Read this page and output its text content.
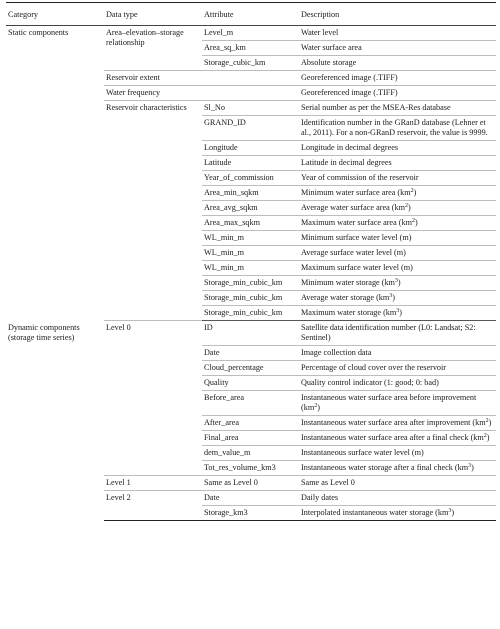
Category	Data type	Attribute	Description
Static components	Area–elevation–storage relationship	Level_m	Water level
		Area_sq_km	Water surface area
		Storage_cubic_km	Absolute storage
	Reservoir extent		Georeferenced image (.TIFF)
	Water frequency		Georeferenced image (.TIFF)
	Reservoir characteristics	Sl_No	Serial number as per the MSEA-Res database
		GRAND_ID	Identification number in the GRanD database (Lehner et al., 2011). For a non-GRanD reservoir, the value is 9999.
		Longitude	Longitude in decimal degrees
		Latitude	Latitude in decimal degrees
		Year_of_commission	Year of commission of the reservoir
		Area_min_sqkm	Minimum water surface area $(km^2)$
		Area_avg_sqkm	Average water surface area $(km^2)$
		Area_max_sqkm	Maximum water surface area $(km^2)$
		WL_min_m	Minimum surface water level (m)
		WL_min_m	Average surface water level (m)
		WL_min_m	Maximum surface water level (m)
		Storage_min_cubic_km	Minimum water storage $(km^3)$
		Storage_min_cubic_km	Average water storage $(km^3)$
		Storage_min_cubic_km	Maximum water storage $(km^3)$
Dynamic components (storage time series)	Level 0	ID	Satellite data identification number (L0: Landsat; S2: Sentinel)
		Date	Image collection data
		Cloud_percentage	Percentage of cloud cover over the reservoir
		Quality	Quality control indicator (1: good; 0: bad)
		Before_area	Instantaneous water surface area before improvement $(km^2)$
		After_area	Instantaneous water surface area after improvement $(km^2)$
		Final_area	Instantaneous water surface area after a final check $(km^2)$
		dem_value_m	Instantaneous surface water level (m)
		Tot_res_volume_km3	Instantaneous water storage after a final check $(km^3)$
	Level 1	Same as Level 0	Same as Level 0
	Level 2	Date	Daily dates
		Storage_km3	Interpolated instantaneous water storage $(km^3)$
